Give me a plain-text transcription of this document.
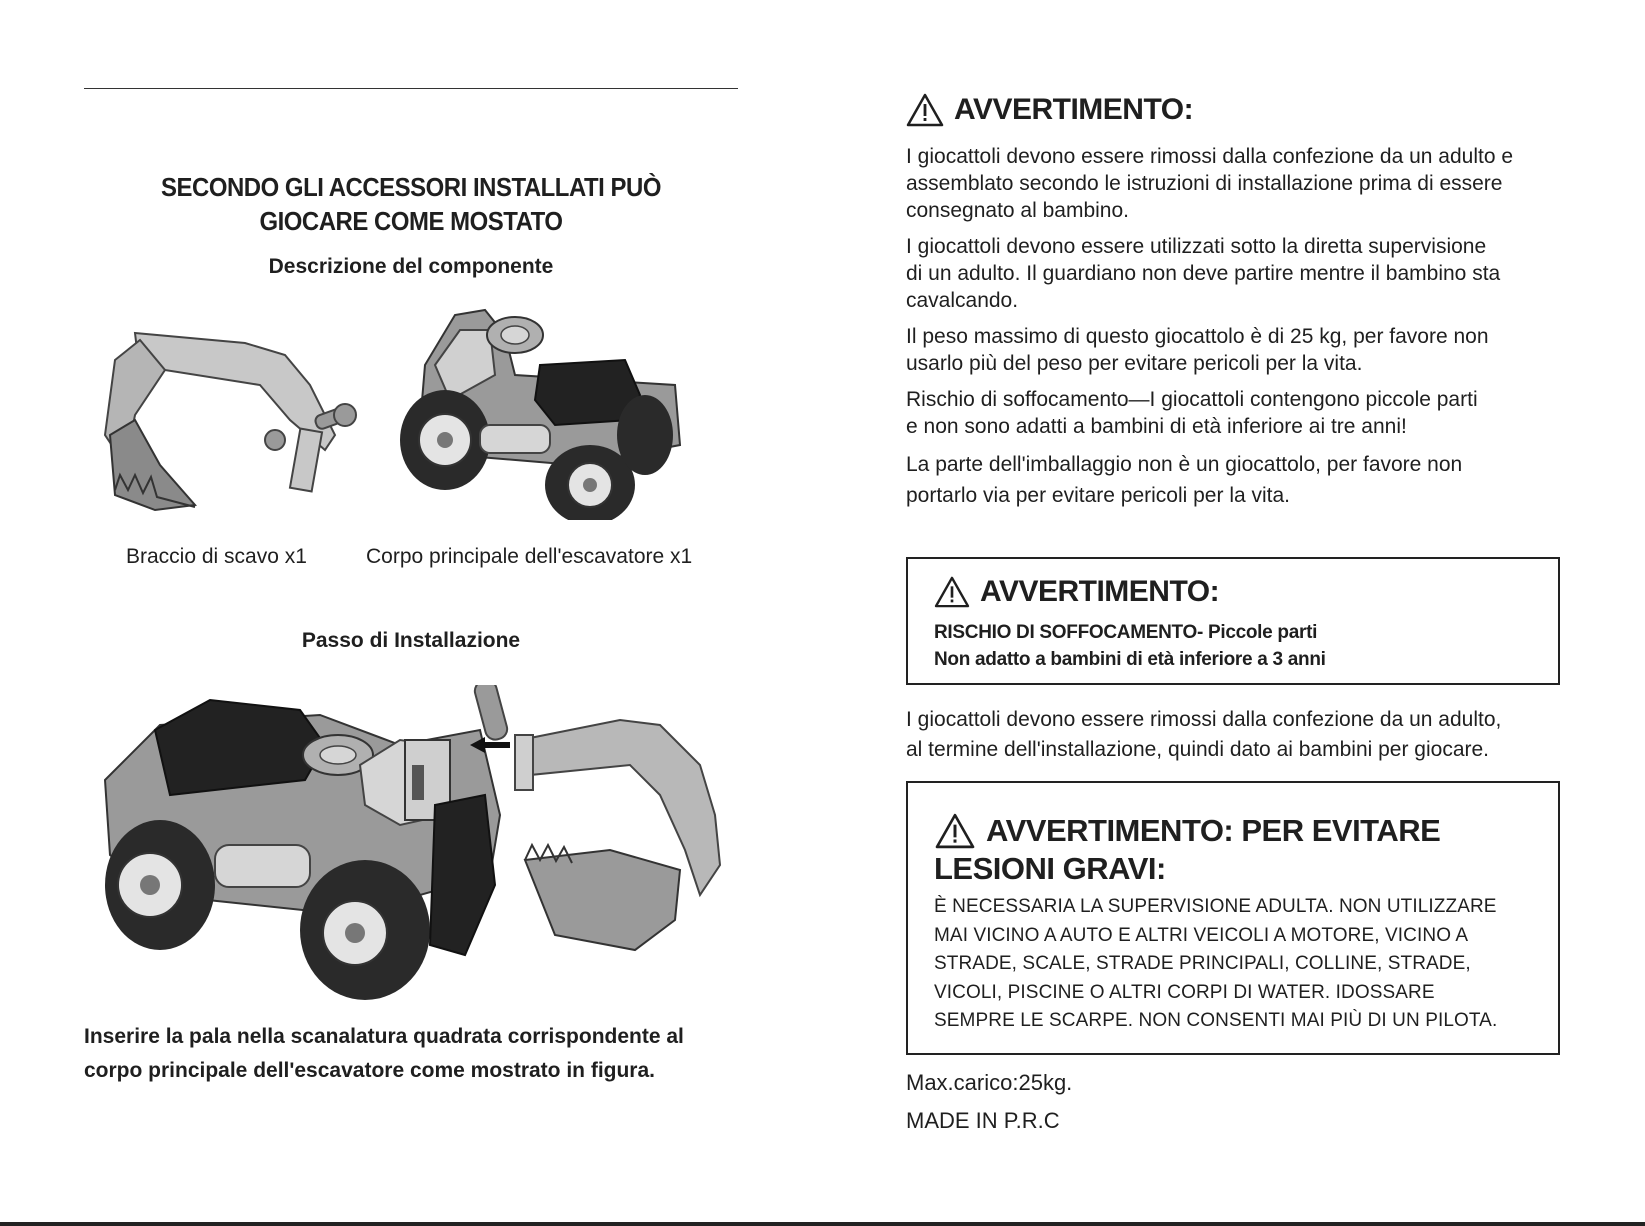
SECONDO GLI ACCESSORI INSTALLATI PUÒ
GIOCARE COME MOSTATO
Descrizione del componente
Braccio di scavo x1	Corpo principale dell'escavatore x1
Passo di Installazione
Inserire la pala nella scanalatura quadrata corrispondente al
corpo principale dell'escavatore come mostrato in figura.
AVVERTIMENTO:

I giocattoli devono essere rimossi dalla confezione da un adulto e
assemblato secondo le istruzioni di installazione prima di essere
consegnato al bambino.

I giocattoli devono essere utilizzati sotto la diretta supervisione
di un adulto. Il guardiano non deve partire mentre il bambino sta
cavalcando.

Il peso massimo di questo giocattolo è di 25 kg, per favore non
usarlo più del peso per evitare pericoli per la vita.

Rischio di soffocamento—I giocattoli contengono piccole parti
e non sono adatti a bambini di età inferiore ai tre anni!

La parte dell'imballaggio non è un giocattolo, per favore non
portarlo via per evitare pericoli per la vita.

AVVERTIMENTO:
RISCHIO DI SOFFOCAMENTO- Piccole parti
Non adatto a bambini di età inferiore a 3 anni
I giocattoli devono essere rimossi dalla confezione da un adulto,
al termine dell'installazione, quindi dato ai bambini per giocare.
AVVERTIMENTO: PER EVITARE
LESIONI GRAVI:
È NECESSARIA LA SUPERVISIONE ADULTA. NON UTILIZZARE
MAI VICINO A AUTO E ALTRI VEICOLI A MOTORE, VICINO A
STRADE, SCALE, STRADE PRINCIPALI, COLLINE, STRADE,
VICOLI, PISCINE O ALTRI CORPI DI WATER. IDOSSARE
SEMPRE LE SCARPE. NON CONSENTI MAI PIÙ DI UN PILOTA.
Max.carico:25kg.
MADE IN P.R.C
